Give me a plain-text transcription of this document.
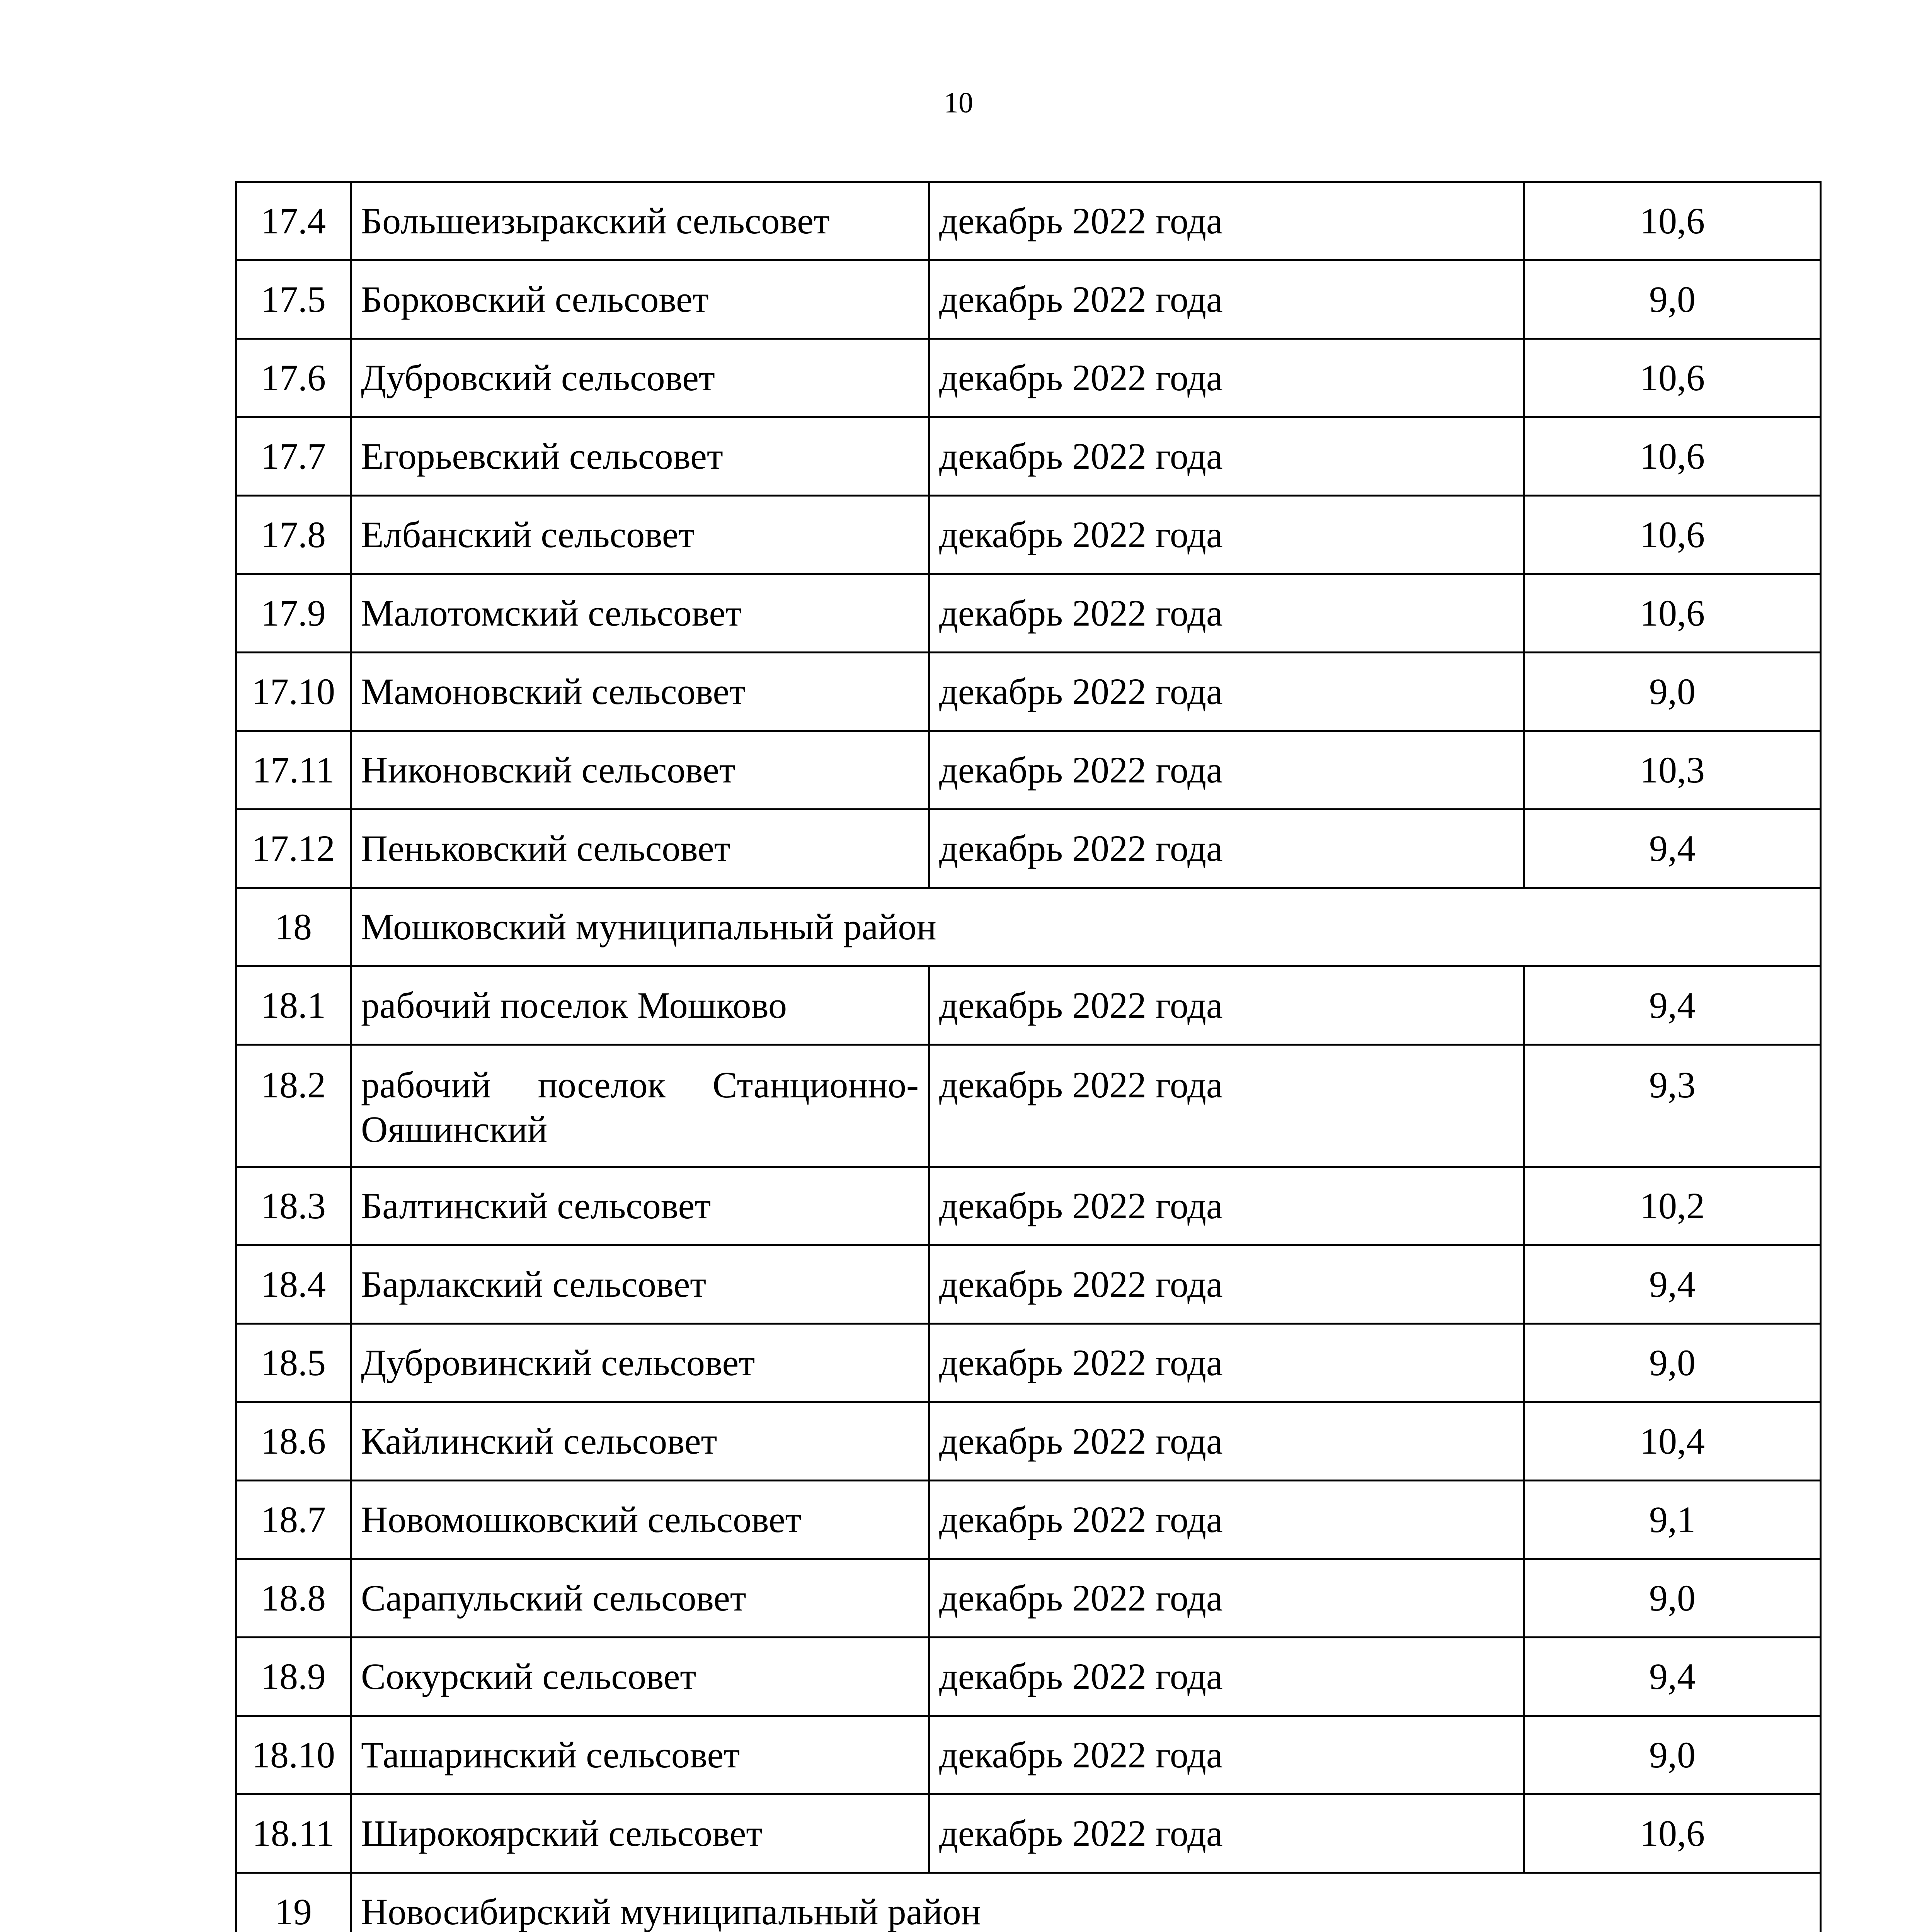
10
17.4	Большеизыракский сельсовет	декабрь 2022 года	10,6
17.5	Борковский сельсовет	декабрь 2022 года	9,0
17.6	Дубровский сельсовет	декабрь 2022 года	10,6
17.7	Егорьевский сельсовет	декабрь 2022 года	10,6
17.8	Елбанский сельсовет	декабрь 2022 года	10,6
17.9	Малотомский сельсовет	декабрь 2022 года	10,6
17.10	Мамоновский сельсовет	декабрь 2022 года	9,0
17.11	Никоновский сельсовет	декабрь 2022 года	10,3
17.12	Пеньковский сельсовет	декабрь 2022 года	9,4
18	Мошковский муниципальный район		
18.1	рабочий поселок Мошково	декабрь 2022 года	9,4
18.2	рабочий поселок Станционно-Ояшинский	декабрь 2022 года	9,3
18.3	Балтинский сельсовет	декабрь 2022 года	10,2
18.4	Барлакский сельсовет	декабрь 2022 года	9,4
18.5	Дубровинский сельсовет	декабрь 2022 года	9,0
18.6	Кайлинский сельсовет	декабрь 2022 года	10,4
18.7	Новомошковский сельсовет	декабрь 2022 года	9,1
18.8	Сарапульский сельсовет	декабрь 2022 года	9,0
18.9	Сокурский сельсовет	декабрь 2022 года	9,4
18.10	Ташаринский сельсовет	декабрь 2022 года	9,0
18.11	Широкоярский сельсовет	декабрь 2022 года	10,6
19	Новосибирский муниципальный район		
